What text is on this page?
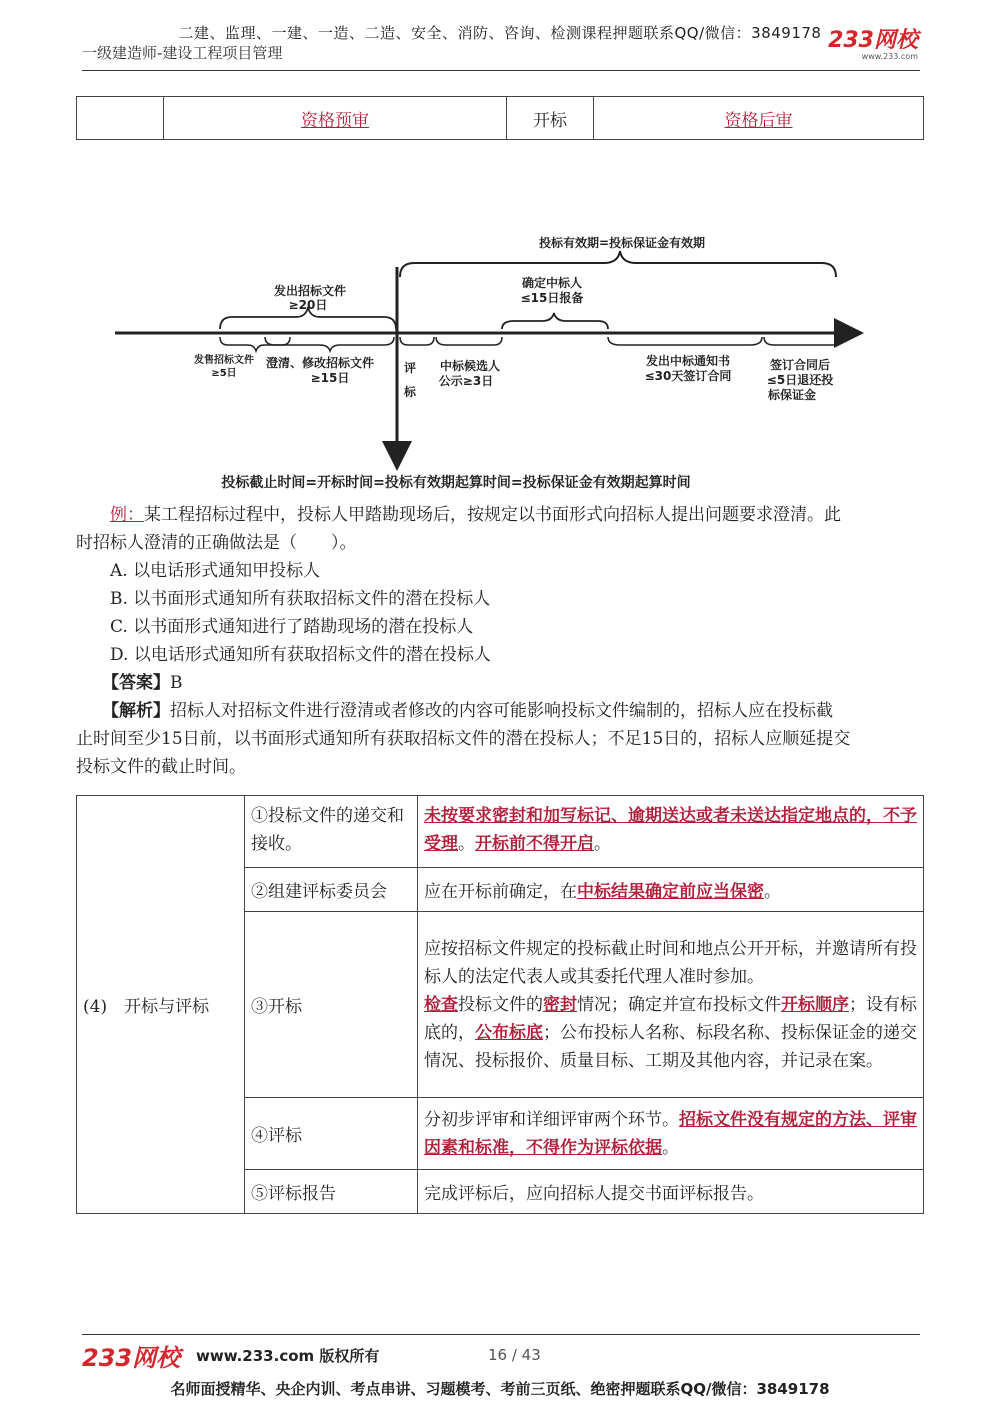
二建、监理、一建、一造、二造、安全、消防、咨询、检测课程押题联系QQ/微信：3849178
一级建造师-建设工程项目管理	233网校
www.233.com
	资格预审	开标	资格后审
投标有效期=投标保证金有效期
发出招标文件
≥20日
确定中标人
≤15日报备
发售招标文件
≥5日
澄清、修改招标文件
≥15日
评
标
中标候选人
公示≥3日
发出中标通知书
≤30天签订合同
签订合同后
≤5日退还投
标保证金
投标截止时间=开标时间=投标有效期起算时间=投标保证金有效期起算时间
例：某工程招标过程中，投标人甲踏勘现场后，按规定以书面形式向招标人提出问题要求澄清。此
时招标人澄清的正确做法是（　　）。
A. 以电话形式通知甲投标人
B. 以书面形式通知所有获取招标文件的潜在投标人
C. 以书面形式通知进行了踏勘现场的潜在投标人
D. 以电话形式通知所有获取招标文件的潜在投标人
【答案】B
【解析】招标人对招标文件进行澄清或者修改的内容可能影响投标文件编制的，招标人应在投标截
止时间至少15日前，以书面形式通知所有获取招标文件的潜在投标人；不足15日的，招标人应顺延提交
投标文件的截止时间。
(4)　开标与评标	①投标文件的递交和接收。	未按要求密封和加写标记、逾期送达或者未送达指定地点的，不予受理。开标前不得开启。
	②组建评标委员会	应在开标前确定，在中标结果确定前应当保密。
	③开标	应按招标文件规定的投标截止时间和地点公开开标，并邀请所有投标人的法定代表人或其委托代理人准时参加。
检查投标文件的密封情况；确定并宣布投标文件开标顺序；设有标底的，公布标底；公布投标人名称、标段名称、投标保证金的递交情况、投标报价、质量目标、工期及其他内容，并记录在案。
	④评标	分初步评审和详细评审两个环节。招标文件没有规定的方法、评审因素和标准，不得作为评标依据。
	⑤评标报告	完成评标后，应向招标人提交书面评标报告。
233网校 www.233.com 版权所有	16 / 43
名师面授精华、央企内训、考点串讲、习题模考、考前三页纸、绝密押题联系QQ/微信：3849178
